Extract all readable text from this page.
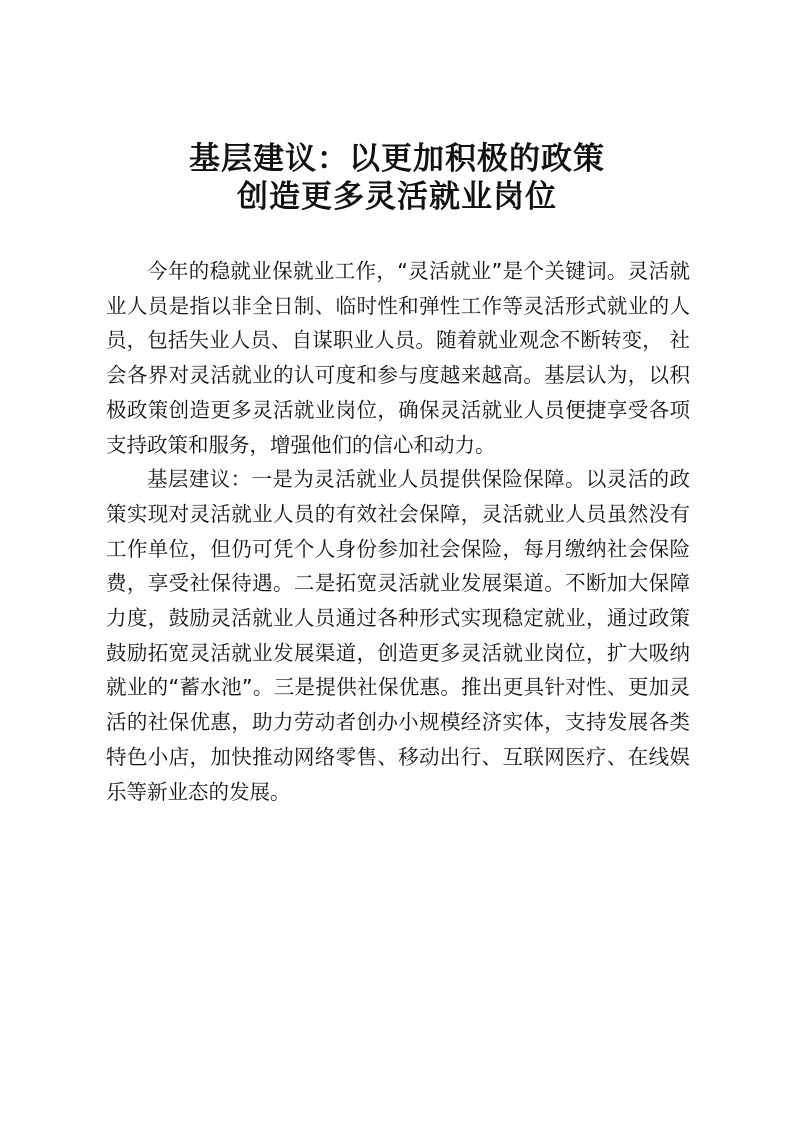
基层建议：以更加积极的政策
创造更多灵活就业岗位

今年的稳就业保就业工作，“灵活就业”是个关键词。灵活就业人员是指以非全日制、临时性和弹性工作等灵活形式就业的人员，包括失业人员、自谋职业人员。随着就业观念不断转变， 社会各界对灵活就业的认可度和参与度越来越高。基层认为，以积极政策创造更多灵活就业岗位，确保灵活就业人员便捷享受各项支持政策和服务，增强他们的信心和动力。

基层建议：一是为灵活就业人员提供保险保障。以灵活的政策实现对灵活就业人员的有效社会保障，灵活就业人员虽然没有工作单位，但仍可凭个人身份参加社会保险，每月缴纳社会保险费，享受社保待遇。二是拓宽灵活就业发展渠道。不断加大保障力度，鼓励灵活就业人员通过各种形式实现稳定就业，通过政策鼓励拓宽灵活就业发展渠道，创造更多灵活就业岗位，扩大吸纳就业的“蓄水池”。三是提供社保优惠。推出更具针对性、更加灵活的社保优惠，助力劳动者创办小规模经济实体，支持发展各类特色小店，加快推动网络零售、移动出行、互联网医疗、在线娱乐等新业态的发展。
